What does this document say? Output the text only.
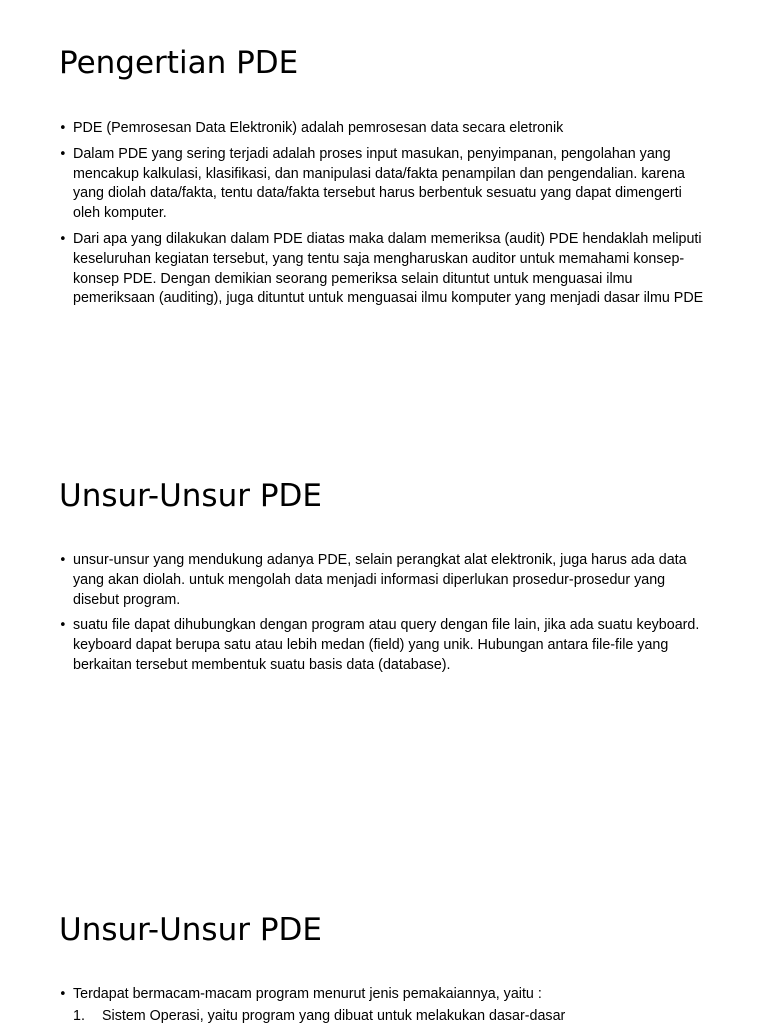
Pengertian PDE
• PDE (Pemrosesan Data Elektronik) adalah pemrosesan data secara eletronik
• Dalam PDE yang sering terjadi adalah proses input masukan, penyimpanan, pengolahan yang mencakup kalkulasi, klasifikasi, dan manipulasi data/fakta penampilan dan pengendalian. karena yang diolah data/fakta, tentu data/fakta tersebut harus berbentuk sesuatu yang dapat dimengerti oleh komputer.
• Dari apa yang dilakukan dalam PDE diatas maka dalam memeriksa (audit) PDE hendaklah meliputi keseluruhan kegiatan tersebut, yang tentu saja mengharuskan auditor untuk memahami konsep-konsep PDE. Dengan demikian seorang pemeriksa selain dituntut untuk menguasai ilmu pemeriksaan (auditing), juga dituntut untuk menguasai ilmu komputer yang menjadi dasar ilmu PDE
Unsur-Unsur PDE
• unsur-unsur yang mendukung adanya PDE, selain perangkat alat elektronik, juga harus ada data yang akan diolah. untuk mengolah data menjadi informasi diperlukan prosedur-prosedur yang disebut program.
• suatu file dapat dihubungkan dengan program atau query dengan file lain, jika ada suatu keyboard. keyboard dapat berupa satu atau lebih medan (field) yang unik. Hubungan antara file-file yang berkaitan tersebut membentuk suatu basis data (database).
Unsur-Unsur PDE
• Terdapat bermacam-macam program menurut jenis pemakaiannya, yaitu :
1. Sistem Operasi, yaitu program yang dibuat untuk melakukan dasar-dasar
